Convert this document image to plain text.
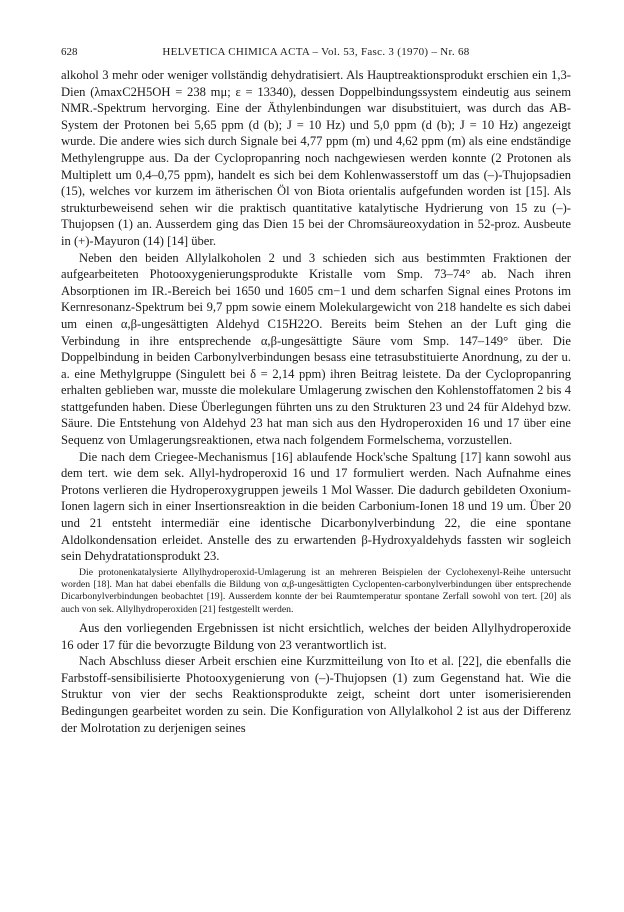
628	HELVETICA CHIMICA ACTA – Vol. 53, Fasc. 3 (1970) – Nr. 68

alkohol 3 mehr oder weniger vollständig dehydratisiert. Als Hauptreaktionsprodukt erschien ein 1,3-Dien (λmaxC2H5OH = 238 mμ; ε = 13340), dessen Doppelbindungssystem eindeutig aus seinem NMR.-Spektrum hervorging. Eine der Äthylenbindungen war disubstituiert, was durch das AB-System der Protonen bei 5,65 ppm (d (b); J = 10 Hz) und 5,0 ppm (d (b); J = 10 Hz) angezeigt wurde. Die andere wies sich durch Signale bei 4,77 ppm (m) und 4,62 ppm (m) als eine endständige Methylengruppe aus. Da der Cyclopropanring noch nachgewiesen werden konnte (2 Protonen als Multiplett um 0,4–0,75 ppm), handelt es sich bei dem Kohlenwasserstoff um das (–)-Thujopsadien (15), welches vor kurzem im ätherischen Öl von Biota orientalis aufgefunden worden ist [15]. Als strukturbeweisend sehen wir die praktisch quantitative katalytische Hydrierung von 15 zu (–)-Thujopsen (1) an. Ausserdem ging das Dien 15 bei der Chromsäureoxydation in 52-proz. Ausbeute in (+)-Mayuron (14) [14] über.

Neben den beiden Allylalkoholen 2 und 3 schieden sich aus bestimmten Fraktionen der aufgearbeiteten Photooxygenierungsprodukte Kristalle vom Smp. 73–74° ab. Nach ihren Absorptionen im IR.-Bereich bei 1650 und 1605 cm−1 und dem scharfen Signal eines Protons im Kernresonanz-Spektrum bei 9,7 ppm sowie einem Molekulargewicht von 218 handelte es sich dabei um einen α,β-ungesättigten Aldehyd C15H22O. Bereits beim Stehen an der Luft ging die Verbindung in ihre entsprechende α,β-ungesättigte Säure vom Smp. 147–149° über. Die Doppelbindung in beiden Carbonylverbindungen besass eine tetrasubstituierte Anordnung, zu der u. a. eine Methylgruppe (Singulett bei δ = 2,14 ppm) ihren Beitrag leistete. Da der Cyclopropanring erhalten geblieben war, musste die molekulare Umlagerung zwischen den Kohlenstoffatomen 2 bis 4 stattgefunden haben. Diese Überlegungen führten uns zu den Strukturen 23 und 24 für Aldehyd bzw. Säure. Die Entstehung von Aldehyd 23 hat man sich aus den Hydroperoxiden 16 und 17 über eine Sequenz von Umlagerungsreaktionen, etwa nach folgendem Formelschema, vorzustellen.

Die nach dem Criegee-Mechanismus [16] ablaufende Hock'sche Spaltung [17] kann sowohl aus dem tert. wie dem sek. Allyl-hydroperoxid 16 und 17 formuliert werden. Nach Aufnahme eines Protons verlieren die Hydroperoxygruppen jeweils 1 Mol Wasser. Die dadurch gebildeten Oxonium-Ionen lagern sich in einer Insertionsreaktion in die beiden Carbonium-Ionen 18 und 19 um. Über 20 und 21 entsteht intermediär eine identische Dicarbonylverbindung 22, die eine spontane Aldolkondensation erleidet. Anstelle des zu erwartenden β-Hydroxyaldehyds fassten wir sogleich sein Dehydratationsprodukt 23.

Die protonenkatalysierte Allylhydroperoxid-Umlagerung ist an mehreren Beispielen der Cyclohexenyl-Reihe untersucht worden [18]. Man hat dabei ebenfalls die Bildung von α,β-ungesättigten Cyclopenten-carbonylverbindungen über entsprechende Dicarbonylverbindungen beobachtet [19]. Ausserdem konnte der bei Raumtemperatur spontane Zerfall sowohl von tert. [20] als auch von sek. Allylhydroperoxiden [21] festgestellt werden.

Aus den vorliegenden Ergebnissen ist nicht ersichtlich, welches der beiden Allylhydroperoxide 16 oder 17 für die bevorzugte Bildung von 23 verantwortlich ist.

Nach Abschluss dieser Arbeit erschien eine Kurzmitteilung von Ito et al. [22], die ebenfalls die Farbstoff-sensibilisierte Photooxygenierung von (–)-Thujopsen (1) zum Gegenstand hat. Wie die Struktur von vier der sechs Reaktionsprodukte zeigt, scheint dort unter isomerisierenden Bedingungen gearbeitet worden zu sein. Die Konfiguration von Allylalkohol 2 ist aus der Differenz der Molrotation zu derjenigen seines
